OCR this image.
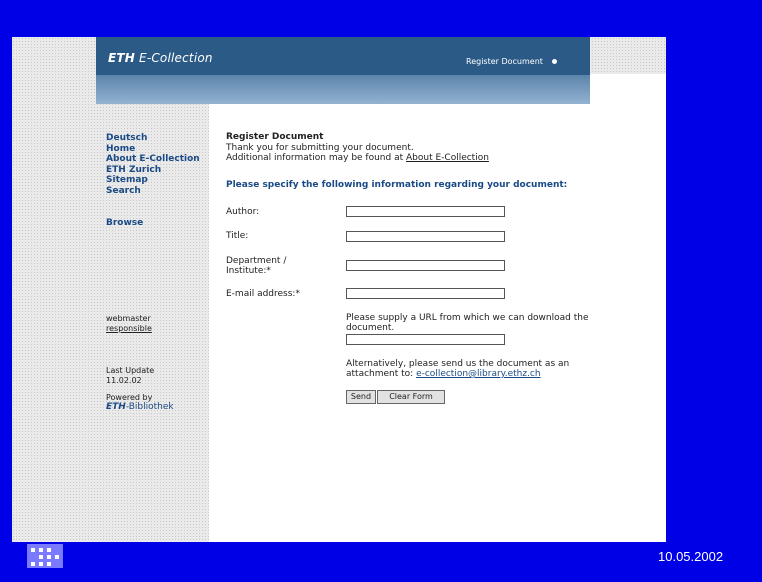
ETH E-Collection	Register Document
Deutsch
Home
About E-Collection
ETH Zurich
Sitemap
Search
Browse
webmaster
responsible
Last Update
11.02.02
Powered by
ETH-Bibliothek
Register Document
Thank you for submitting your document.
Additional information may be found at About E-Collection
Please specify the following information regarding your document:
Author:
Title:
Department /
Institute:*
E-mail address:*
Please supply a URL from which we can download the document.
Alternatively, please send us the document as an
attachment to: e-collection@library.ethz.ch
Send	Clear Form
10.05.2002
